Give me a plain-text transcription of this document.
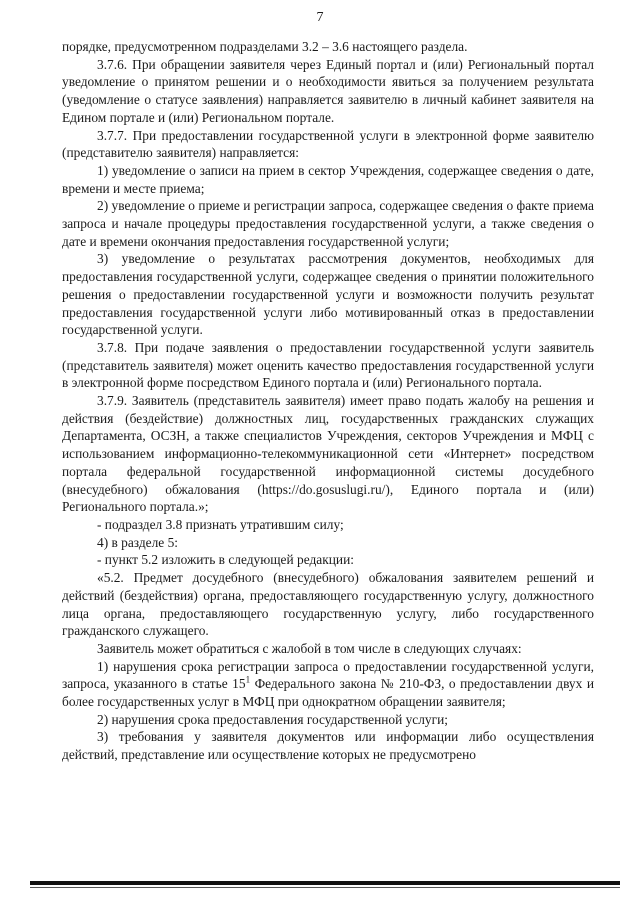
7

порядке, предусмотренном подразделами 3.2 – 3.6 настоящего раздела.

3.7.6. При обращении заявителя через Единый портал и (или) Региональный портал уведомление о принятом решении и о необходимости явиться за получением результата (уведомление о статусе заявления) направляется заявителю в личный кабинет заявителя на Едином портале и (или) Региональном портале.

3.7.7. При предоставлении государственной услуги в электронной форме заявителю (представителю заявителя) направляется:

1) уведомление о записи на прием в сектор Учреждения, содержащее сведения о дате, времени и месте приема;

2) уведомление о приеме и регистрации запроса, содержащее сведения о факте приема запроса и начале процедуры предоставления государственной услуги, а также сведения о дате и времени окончания предоставления государственной услуги;

3) уведомление о результатах рассмотрения документов, необходимых для предоставления государственной услуги, содержащее сведения о принятии положительного решения о предоставлении государственной услуги и возможности получить результат предоставления государственной услуги либо мотивированный отказ в предоставлении государственной услуги.

3.7.8. При подаче заявления о предоставлении государственной услуги заявитель (представитель заявителя) может оценить качество предоставления государственной услуги в электронной форме посредством Единого портала и (или) Регионального портала.

3.7.9. Заявитель (представитель заявителя) имеет право подать жалобу на решения и действия (бездействие) должностных лиц, государственных гражданских служащих Департамента, ОСЗН, а также специалистов Учреждения, секторов Учреждения и МФЦ с использованием информационно-телекоммуникационной сети «Интернет» посредством портала федеральной государственной информационной системы досудебного (внесудебного) обжалования (https://do.gosuslugi.ru/), Единого портала и (или) Регионального портала.»;

- подраздел 3.8 признать утратившим силу;

4) в разделе 5:

- пункт 5.2 изложить в следующей редакции:

«5.2. Предмет досудебного (внесудебного) обжалования заявителем решений и действий (бездействия) органа, предоставляющего государственную услугу, должностного лица органа, предоставляющего государственную услугу, либо государственного гражданского служащего.

Заявитель может обратиться с жалобой в том числе в следующих случаях:

1) нарушения срока регистрации запроса о предоставлении государственной услуги, запроса, указанного в статье $15^1$ Федерального закона № 210-ФЗ, о предоставлении двух и более государственных услуг в МФЦ при однократном обращении заявителя;

2) нарушения срока предоставления государственной услуги;

3) требования у заявителя документов или информации либо осуществления действий, представление или осуществление которых не предусмотрено
